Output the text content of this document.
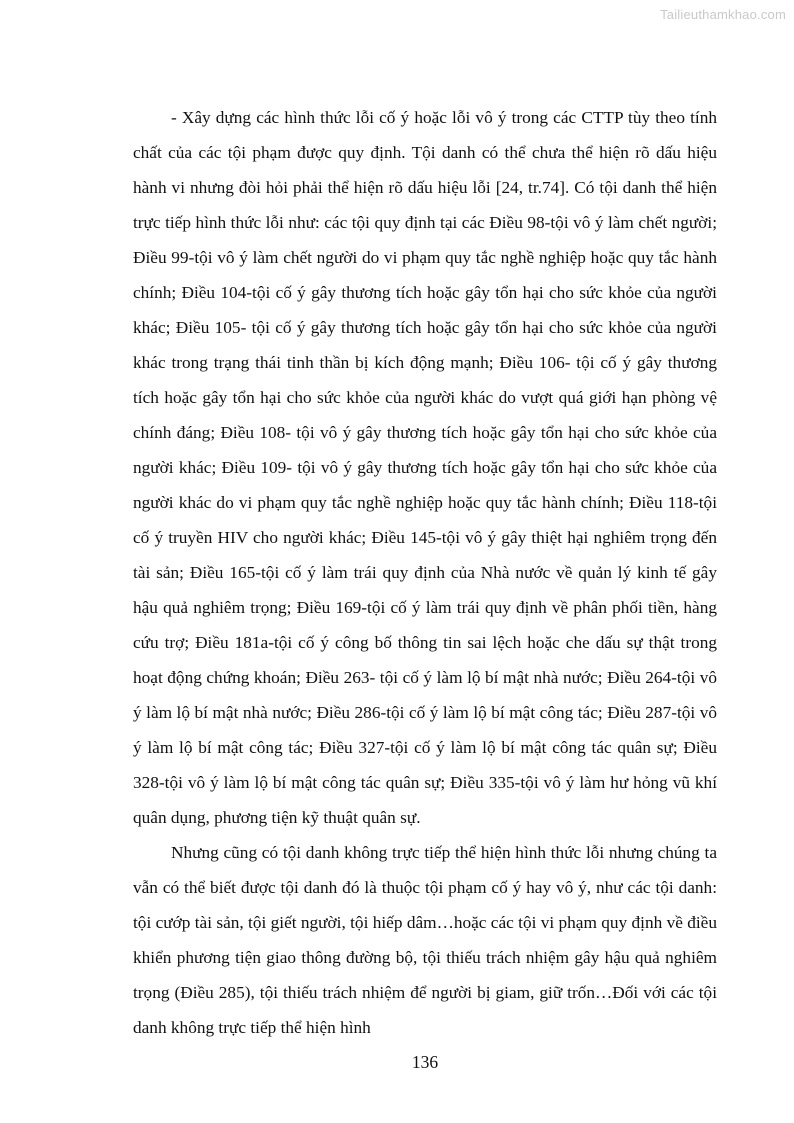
Tailieuthamkhao.com

- Xây dựng các hình thức lỗi cố ý hoặc lỗi vô ý trong các CTTP tùy theo tính chất của các tội phạm được quy định. Tội danh có thể chưa thể hiện rõ dấu hiệu hành vi nhưng đòi hỏi phải thể hiện rõ dấu hiệu lỗi [24, tr.74]. Có tội danh thể hiện trực tiếp hình thức lỗi như: các tội quy định tại các Điều 98-tội vô ý làm chết người; Điều 99-tội vô ý làm chết người do vi phạm quy tắc nghề nghiệp hoặc quy tắc hành chính; Điều 104-tội cố ý gây thương tích hoặc gây tổn hại cho sức khỏe của người khác; Điều 105- tội cố ý gây thương tích hoặc gây tổn hại cho sức khỏe của người khác trong trạng thái tinh thần bị kích động mạnh; Điều 106- tội cố ý gây thương tích hoặc gây tổn hại cho sức khỏe của người khác do vượt quá giới hạn phòng vệ chính đáng; Điều 108- tội vô ý gây thương tích hoặc gây tổn hại cho sức khỏe của người khác; Điều 109- tội vô ý gây thương tích hoặc gây tổn hại cho sức khỏe của người khác do vi phạm quy tắc nghề nghiệp hoặc quy tắc hành chính; Điều 118-tội cố ý truyền HIV cho người khác; Điều 145-tội vô ý gây thiệt hại nghiêm trọng đến tài sản; Điều 165-tội cố ý làm trái quy định của Nhà nước về quản lý kinh tế gây hậu quả nghiêm trọng; Điều 169-tội cố ý làm trái quy định về phân phối tiền, hàng cứu trợ; Điều 181a-tội cố ý công bố thông tin sai lệch hoặc che dấu sự thật trong hoạt động chứng khoán; Điều 263- tội cố ý làm lộ bí mật nhà nước; Điều 264-tội vô ý làm lộ bí mật nhà nước; Điều 286-tội cố ý làm lộ bí mật công tác; Điều 287-tội vô ý làm lộ bí mật công tác; Điều 327-tội cố ý làm lộ bí mật công tác quân sự; Điều 328-tội vô ý làm lộ bí mật công tác quân sự; Điều 335-tội vô ý làm hư hỏng vũ khí quân dụng, phương tiện kỹ thuật quân sự.

Nhưng cũng có tội danh không trực tiếp thể hiện hình thức lỗi nhưng chúng ta vẫn có thể biết được tội danh đó là thuộc tội phạm cố ý hay vô ý, như các tội danh: tội cướp tài sản, tội giết người, tội hiếp dâm…hoặc các tội vi phạm quy định về điều khiển phương tiện giao thông đường bộ, tội thiếu trách nhiệm gây hậu quả nghiêm trọng (Điều 285), tội thiếu trách nhiệm để người bị giam, giữ trốn…Đối với các tội danh không trực tiếp thể hiện hình

136
